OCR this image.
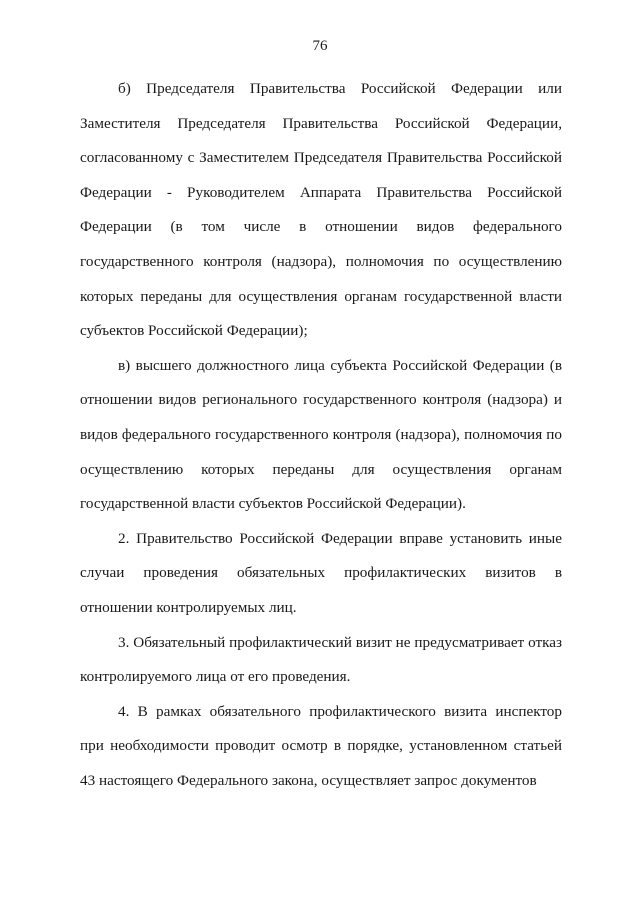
76

б) Председателя Правительства Российской Федерации или Заместителя Председателя Правительства Российской Федерации, согласованному с Заместителем Председателя Правительства Российской Федерации - Руководителем Аппарата Правительства Российской Федерации (в том числе в отношении видов федерального государственного контроля (надзора), полномочия по осуществлению которых переданы для осуществления органам государственной власти субъектов Российской Федерации);

в) высшего должностного лица субъекта Российской Федерации (в отношении видов регионального государственного контроля (надзора) и видов федерального государственного контроля (надзора), полномочия по осуществлению которых переданы для осуществления органам государственной власти субъектов Российской Федерации).

2. Правительство Российской Федерации вправе установить иные случаи проведения обязательных профилактических визитов в отношении контролируемых лиц.

3. Обязательный профилактический визит не предусматривает отказ контролируемого лица от его проведения.

4. В рамках обязательного профилактического визита инспектор при необходимости проводит осмотр в порядке, установленном статьей 43 настоящего Федерального закона, осуществляет запрос документов
